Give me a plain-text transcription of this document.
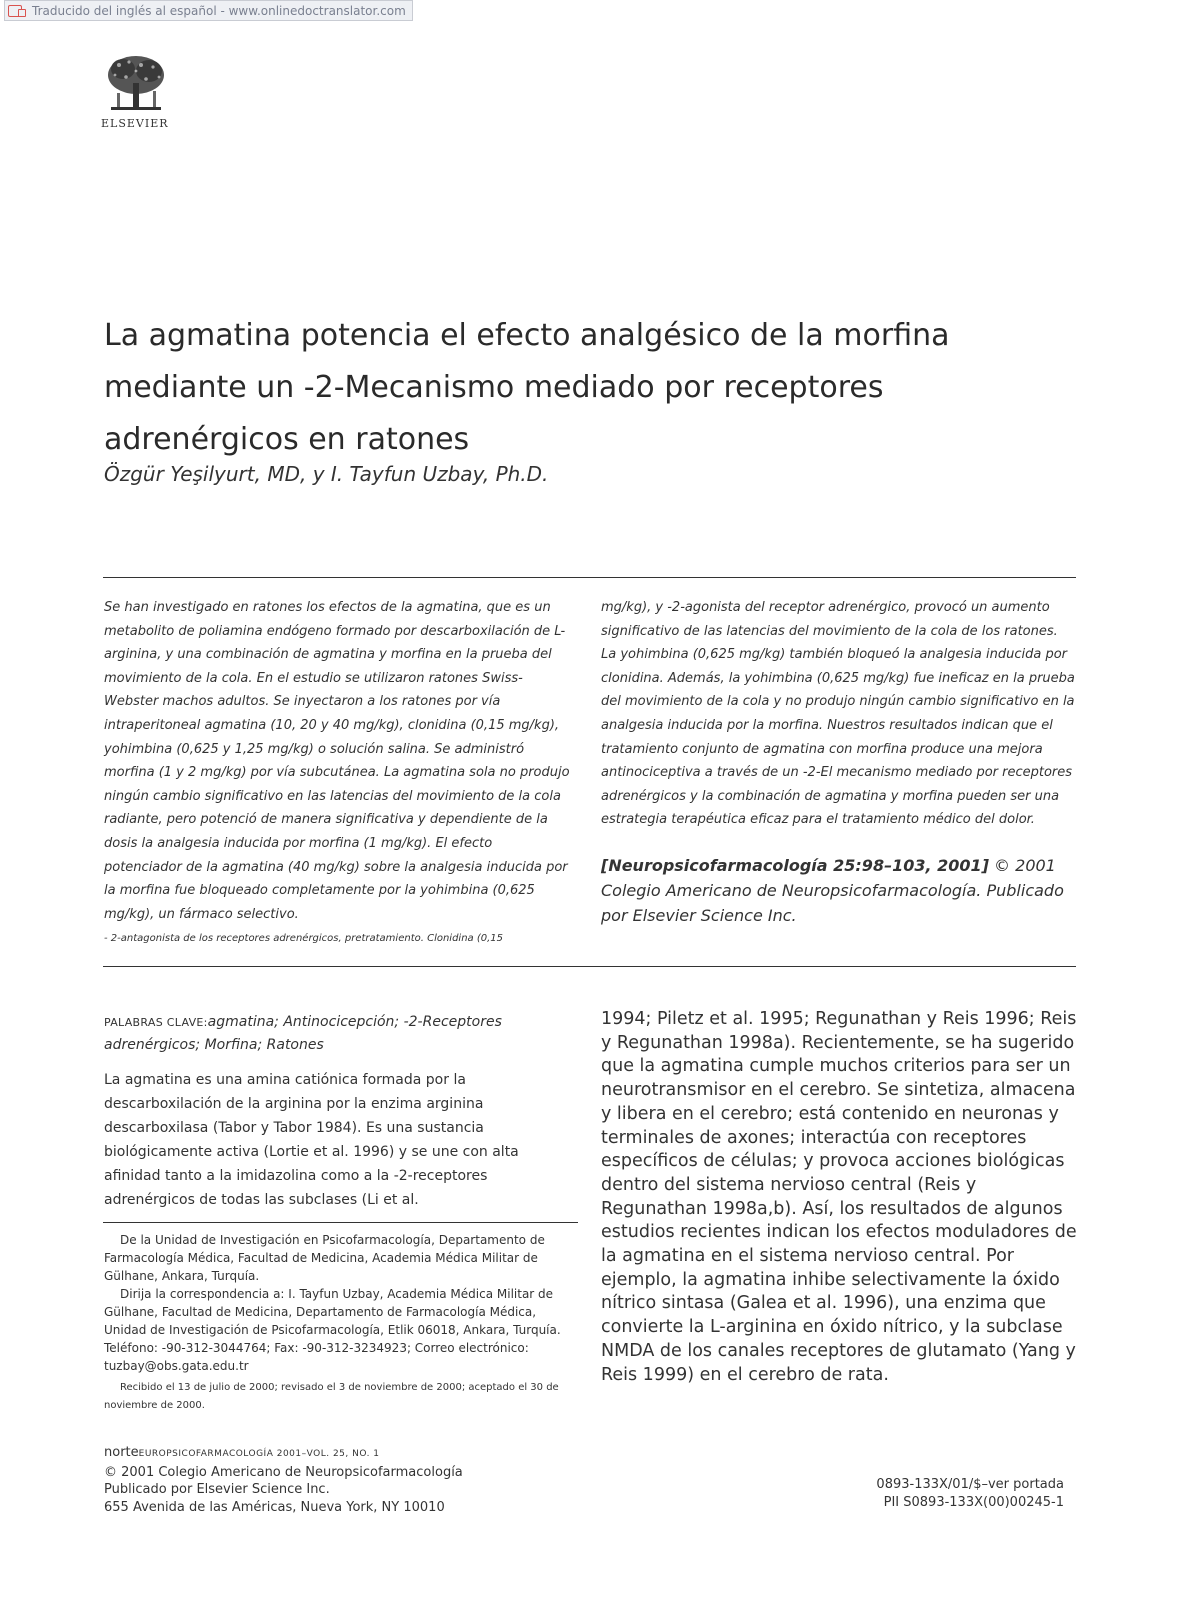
Traducido del inglés al español - www.onlinedoctranslator.com
ELSEVIER
La agmatina potencia el efecto analgésico de la morfina mediante un -2-Mecanismo mediado por receptores adrenérgicos en ratones
Özgür Yeşilyurt, MD, y I. Tayfun Uzbay, Ph.D.
Se han investigado en ratones los efectos de la agmatina, que es un metabolito de poliamina endógeno formado por descarboxilación de L-arginina, y una combinación de agmatina y morfina en la prueba del movimiento de la cola. En el estudio se utilizaron ratones Swiss-Webster machos adultos. Se inyectaron a los ratones por vía intraperitoneal agmatina (10, 20 y 40 mg/kg), clonidina (0,15 mg/kg), yohimbina (0,625 y 1,25 mg/kg) o solución salina. Se administró morfina (1 y 2 mg/kg) por vía subcutánea. La agmatina sola no produjo ningún cambio significativo en las latencias del movimiento de la cola radiante, pero potenció de manera significativa y dependiente de la dosis la analgesia inducida por morfina (1 mg/kg). El efecto potenciador de la agmatina (40 mg/kg) sobre la analgesia inducida por la morfina fue bloqueado completamente por la yohimbina (0,625 mg/kg), un fármaco selectivo.
mg/kg), y -2-agonista del receptor adrenérgico, provocó un aumento significativo de las latencias del movimiento de la cola de los ratones. La yohimbina (0,625 mg/kg) también bloqueó la analgesia inducida por clonidina. Además, la yohimbina (0,625 mg/kg) fue ineficaz en la prueba del movimiento de la cola y no produjo ningún cambio significativo en la analgesia inducida por la morfina. Nuestros resultados indican que el tratamiento conjunto de agmatina con morfina produce una mejora antinociceptiva a través de un -2-El mecanismo mediado por receptores adrenérgicos y la combinación de agmatina y morfina pueden ser una estrategia terapéutica eficaz para el tratamiento médico del dolor.
- 2-antagonista de los receptores adrenérgicos, pretratamiento. Clonidina (0,15
[Neuropsicofarmacología 25:98–103, 2001] © 2001 Colegio Americano de Neuropsicofarmacología. Publicado por Elsevier Science Inc.
PALABRAS CLAVE:agmatina; Antinocicepción; -2-Receptores adrenérgicos; Morfina; Ratones
La agmatina es una amina catiónica formada por la descarboxilación de la arginina por la enzima arginina descarboxilasa (Tabor y Tabor 1984). Es una sustancia biológicamente activa (Lortie et al. 1996) y se une con alta afinidad tanto a la imidazolina como a la -2-receptores adrenérgicos de todas las subclases (Li et al.
1994; Piletz et al. 1995; Regunathan y Reis 1996; Reis y Regunathan 1998a). Recientemente, se ha sugerido que la agmatina cumple muchos criterios para ser un neurotransmisor en el cerebro. Se sintetiza, almacena y libera en el cerebro; está contenido en neuronas y terminales de axones; interactúa con receptores específicos de células; y provoca acciones biológicas dentro del sistema nervioso central (Reis y Regunathan 1998a,b). Así, los resultados de algunos estudios recientes indican los efectos moduladores de la agmatina en el sistema nervioso central. Por ejemplo, la agmatina inhibe selectivamente la óxido nítrico sintasa (Galea et al. 1996), una enzima que convierte la L-arginina en óxido nítrico, y la subclase NMDA de los canales receptores de glutamato (Yang y Reis 1999) en el cerebro de rata.

De la Unidad de Investigación en Psicofarmacología, Departamento de Farmacología Médica, Facultad de Medicina, Academia Médica Militar de Gülhane, Ankara, Turquía.

Dirija la correspondencia a: I. Tayfun Uzbay, Academia Médica Militar de Gülhane, Facultad de Medicina, Departamento de Farmacología Médica, Unidad de Investigación de Psicofarmacología, Etlik 06018, Ankara, Turquía. Teléfono: -90-312-3044764; Fax: -90-312-3234923; Correo electrónico: tuzbay@obs.gata.edu.tr

Recibido el 13 de julio de 2000; revisado el 3 de noviembre de 2000; aceptado el 30 de noviembre de 2000.

norteEUROPSICOFARMACOLOGÍA 2001–VOL. 25, NO. 1
© 2001 Colegio Americano de Neuropsicofarmacología
Publicado por Elsevier Science Inc.
655 Avenida de las Américas, Nueva York, NY 10010
0893-133X/01/$–ver portada
PII S0893-133X(00)00245-1
